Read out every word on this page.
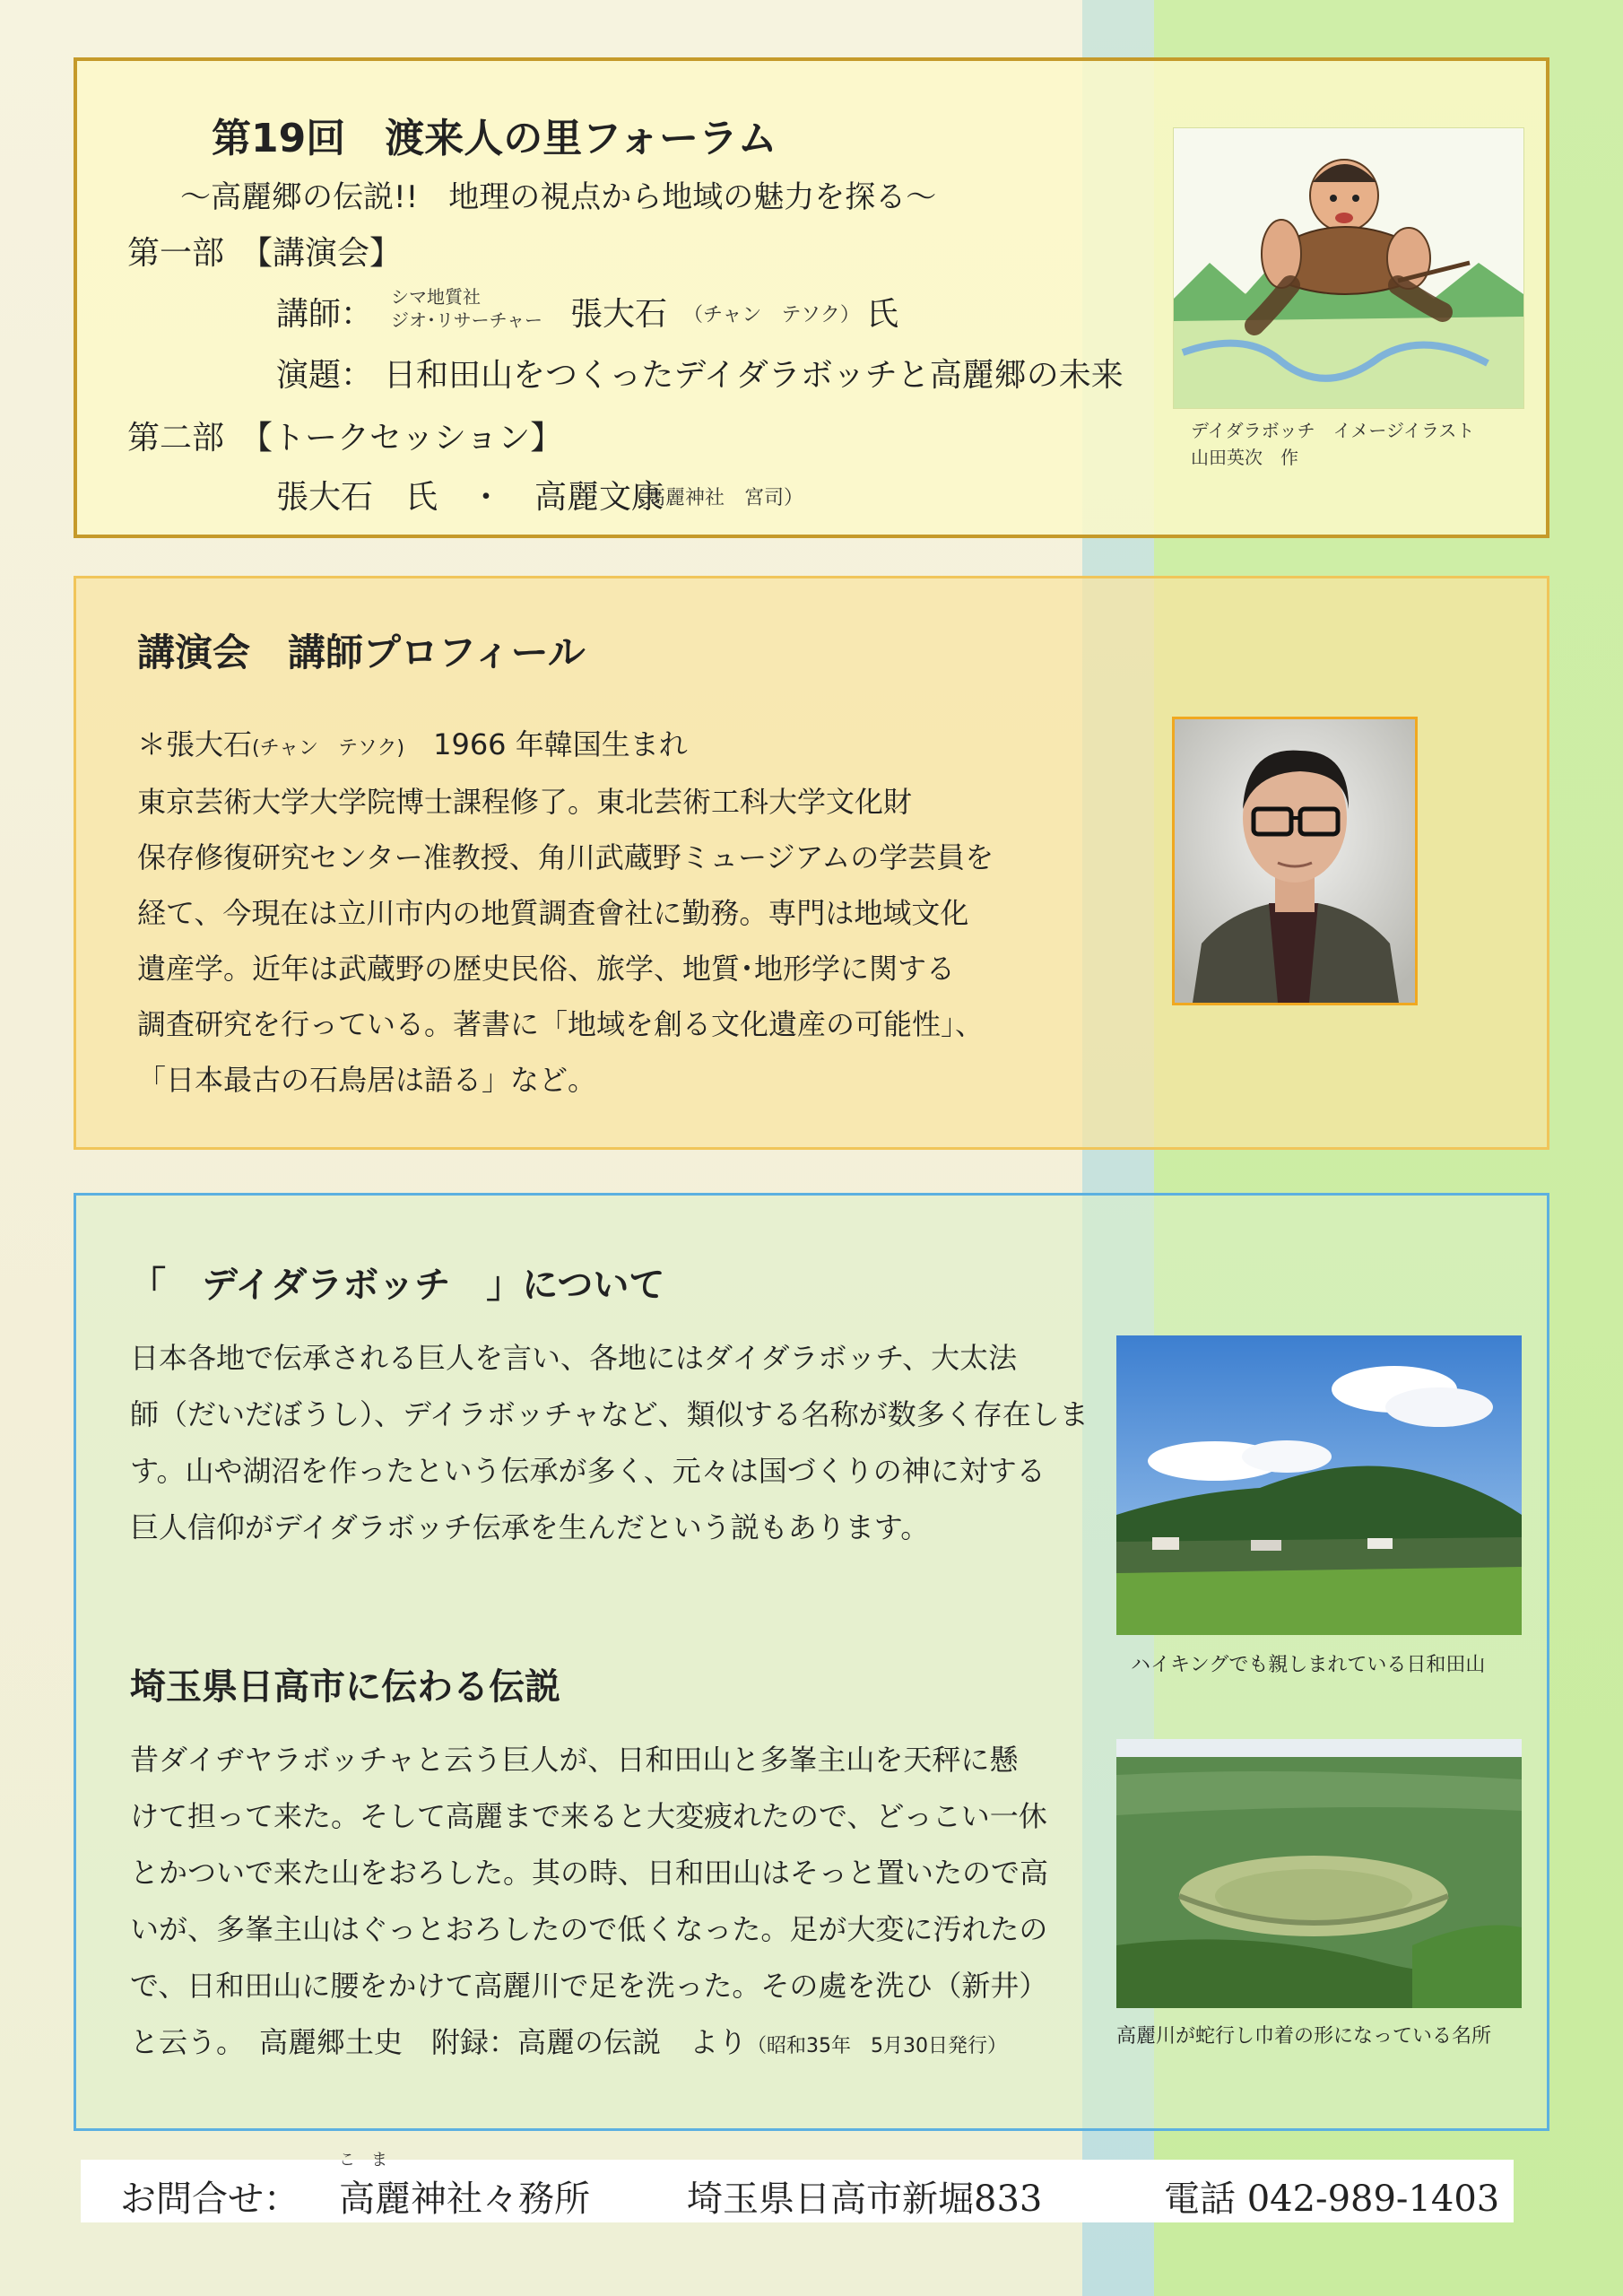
第19回　渡来人の里フォーラム
～高麗郷の伝説!!　地理の視点から地域の魅力を探る～
第一部　【講演会】
講師： シマ地質社
ジオ･リサーチャー 張大石 （チャン　テソク） 氏
演題： 日和田山をつくったデイダラボッチと高麗郷の未来
第二部　【トークセッション】
張大石　氏　・　高麗文康
（高麗神社　宮司）
デイダラボッチ　イメージイラスト
山田英次　作
講演会　講師プロフィール
＊張大石(チャン　テソク)　1966 年韓国生まれ
東京芸術大学大学院博士課程修了。東北芸術工科大学文化財
保存修復研究センター准教授、角川武蔵野ミュージアムの学芸員を
経て、今現在は立川市内の地質調査會社に勤務。専門は地域文化
遺産学。近年は武蔵野の歴史民俗、旅学、地質･地形学に関する
調査研究を行っている。著書に「地域を創る文化遺産の可能性」、
「日本最古の石鳥居は語る」など。
「　デイダラボッチ　」について
日本各地で伝承される巨人を言い、各地にはダイダラボッチ、大太法
師（だいだぼうし）、デイラボッチャなど、類似する名称が数多く存在しま
す。山や湖沼を作ったという伝承が多く、元々は国づくりの神に対する
巨人信仰がデイダラボッチ伝承を生んだという説もあります。
埼玉県日高市に伝わる伝説
昔ダイヂヤラボッチャと云う巨人が、日和田山と多峯主山を天秤に懸
けて担って来た。そして高麗まで来ると大変疲れたので、どっこい一休
とかついで来た山をおろした。其の時、日和田山はそっと置いたので高
いが、多峯主山はぐっとおろしたので低くなった。足が大変に汚れたの
で、日和田山に腰をかけて高麗川で足を洗った。その處を洗ひ（新井）
と云う。　高麗郷土史　附録：高麗の伝説　より（昭和35年　5月30日発行）
ハイキングでも親しまれている日和田山
高麗川が蛇行し巾着の形になっている名所
お問合せ：
こ　ま
高麗神社々務所	埼玉県日高市新堀833	電話 042-989-1403
